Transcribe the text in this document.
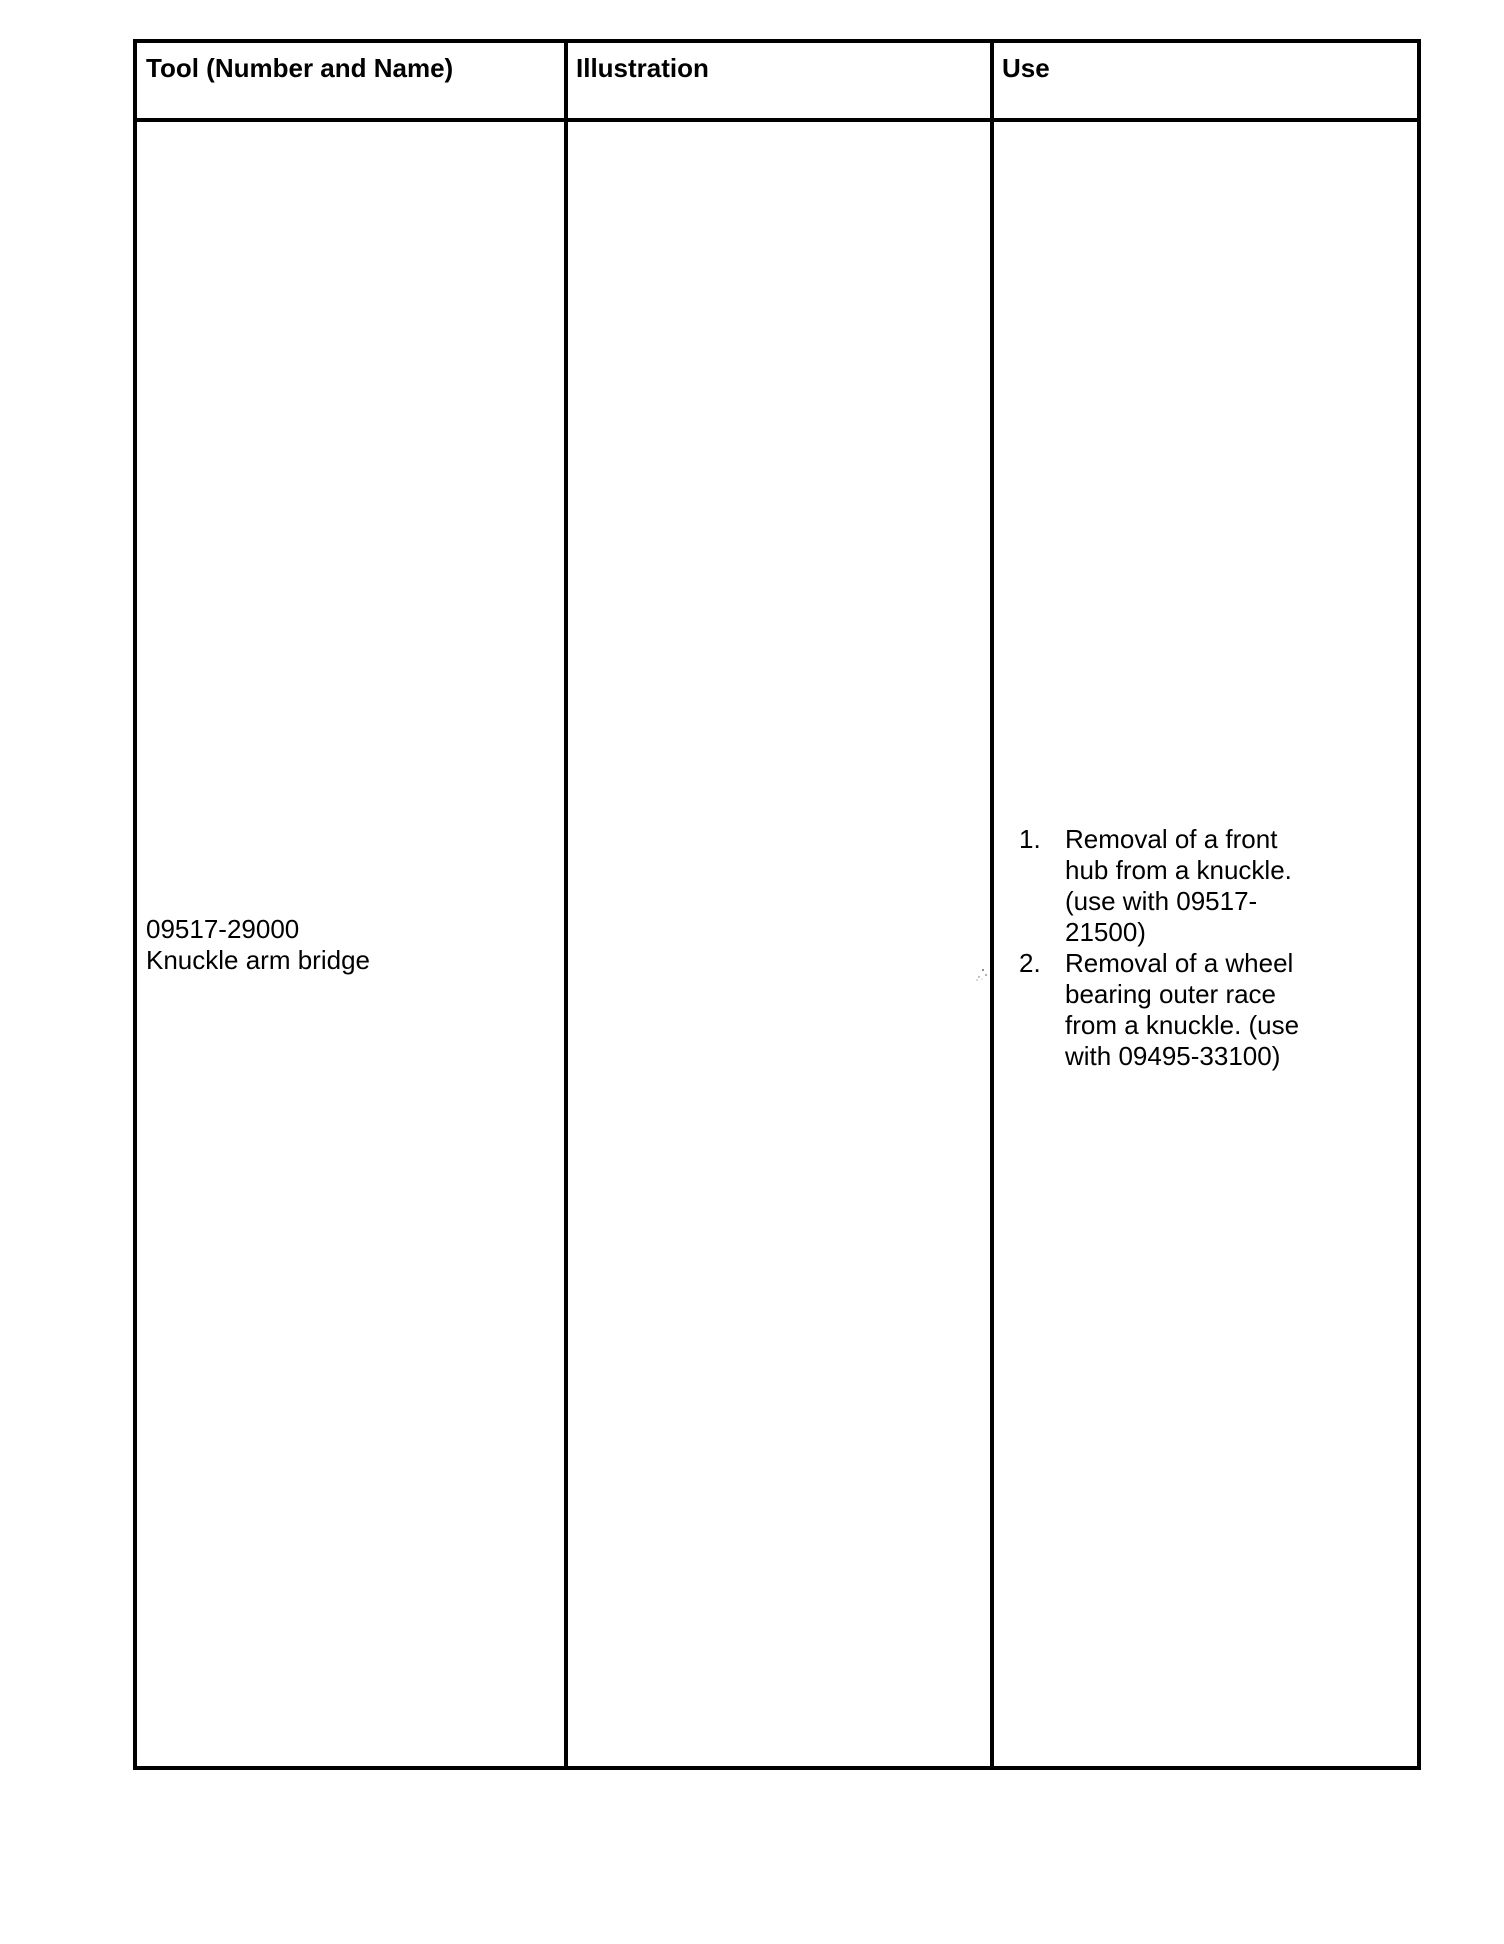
Tool (Number and Name)	Illustration	Use
09517-29000
Knuckle arm bridge
1. Removal of a front
hub from a knuckle.
(use with 09517-
21500)
2. Removal of a wheel
bearing outer race
from a knuckle. (use
with 09495-33100)
